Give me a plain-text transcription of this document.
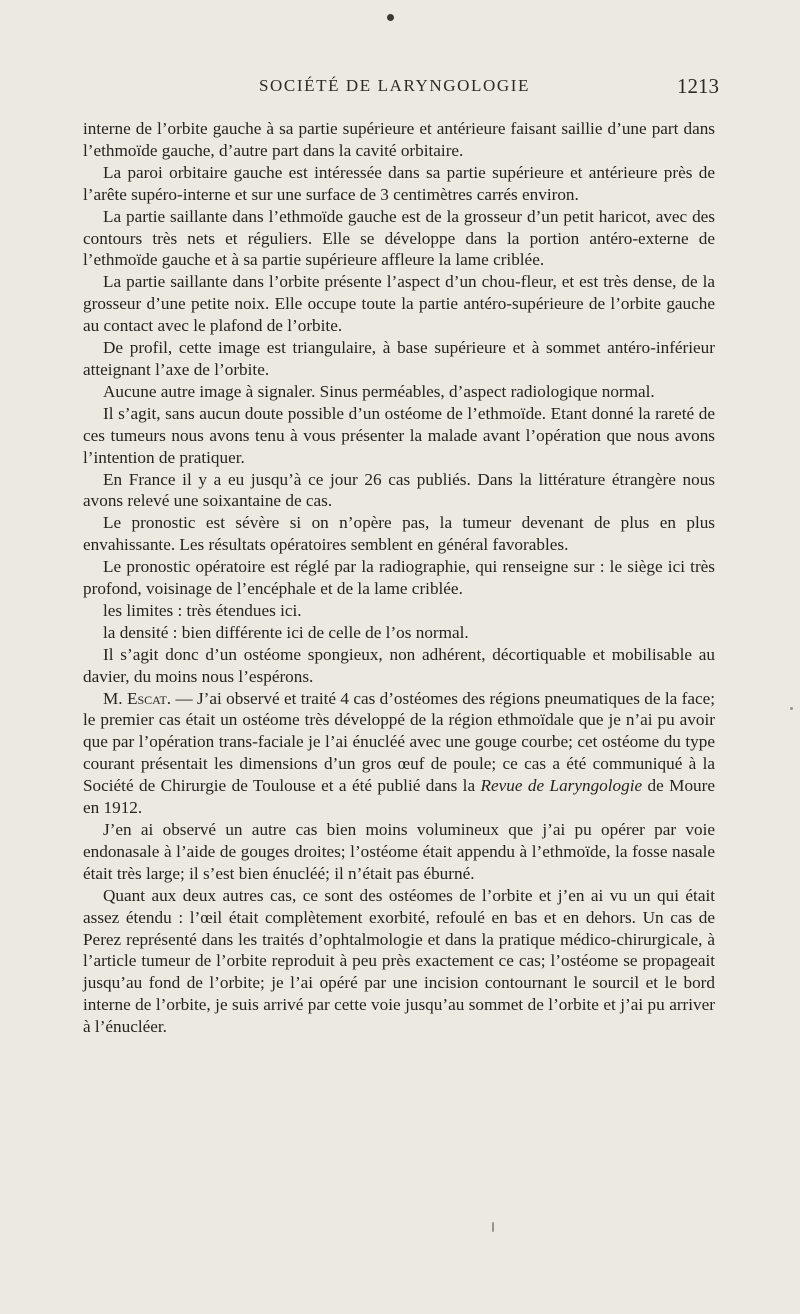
SOCIÉTÉ DE LARYNGOLOGIE	1213

interne de l’orbite gauche à sa partie supérieure et antérieure faisant saillie d’une part dans l’ethmoïde gauche, d’autre part dans la cavité orbitaire.

La paroi orbitaire gauche est intéressée dans sa partie supérieure et antérieure près de l’arête supéro-interne et sur une surface de 3 centimètres carrés environ.

La partie saillante dans l’ethmoïde gauche est de la grosseur d’un petit haricot, avec des contours très nets et réguliers. Elle se développe dans la portion antéro-externe de l’ethmoïde gauche et à sa partie supérieure affleure la lame criblée.

La partie saillante dans l’orbite présente l’aspect d’un chou-fleur, et est très dense, de la grosseur d’une petite noix. Elle occupe toute la partie antéro-supérieure de l’orbite gauche au contact avec le plafond de l’orbite.

De profil, cette image est triangulaire, à base supérieure et à sommet antéro-inférieur atteignant l’axe de l’orbite.

Aucune autre image à signaler. Sinus perméables, d’aspect radiologique normal.

Il s’agit, sans aucun doute possible d’un ostéome de l’ethmoïde. Etant donné la rareté de ces tumeurs nous avons tenu à vous présenter la malade avant l’opération que nous avons l’intention de pratiquer.

En France il y a eu jusqu’à ce jour 26 cas publiés. Dans la littérature étrangère nous avons relevé une soixantaine de cas.

Le pronostic est sévère si on n’opère pas, la tumeur devenant de plus en plus envahissante. Les résultats opératoires semblent en général favorables.

Le pronostic opératoire est réglé par la radiographie, qui renseigne sur : le siège ici très profond, voisinage de l’encéphale et de la lame criblée.

les limites : très étendues ici.

la densité : bien différente ici de celle de l’os normal.

Il s’agit donc d’un ostéome spongieux, non adhérent, décortiquable et mobilisable au davier, du moins nous l’espérons.

M. Escat. — J’ai observé et traité 4 cas d’ostéomes des régions pneumatiques de la face; le premier cas était un ostéome très développé de la région ethmoïdale que je n’ai pu avoir que par l’opération trans-faciale je l’ai énucléé avec une gouge courbe; cet ostéome du type courant présentait les dimensions d’un gros œuf de poule; ce cas a été communiqué à la Société de Chirurgie de Toulouse et a été publié dans la Revue de Laryngologie de Moure en 1912.

J’en ai observé un autre cas bien moins volumineux que j’ai pu opérer par voie endonasale à l’aide de gouges droites; l’ostéome était appendu à l’ethmoïde, la fosse nasale était très large; il s’est bien énucléé; il n’était pas éburné.

Quant aux deux autres cas, ce sont des ostéomes de l’orbite et j’en ai vu un qui était assez étendu : l’œil était complètement exorbité, refoulé en bas et en dehors. Un cas de Perez représenté dans les traités d’ophtalmologie et dans la pratique médico-chirurgicale, à l’article tumeur de l’orbite reproduit à peu près exactement ce cas; l’ostéome se propageait jusqu’au fond de l’orbite; je l’ai opéré par une incision contournant le sourcil et le bord interne de l’orbite, je suis arrivé par cette voie jusqu’au sommet de l’orbite et j’ai pu arriver à l’énucléer.
